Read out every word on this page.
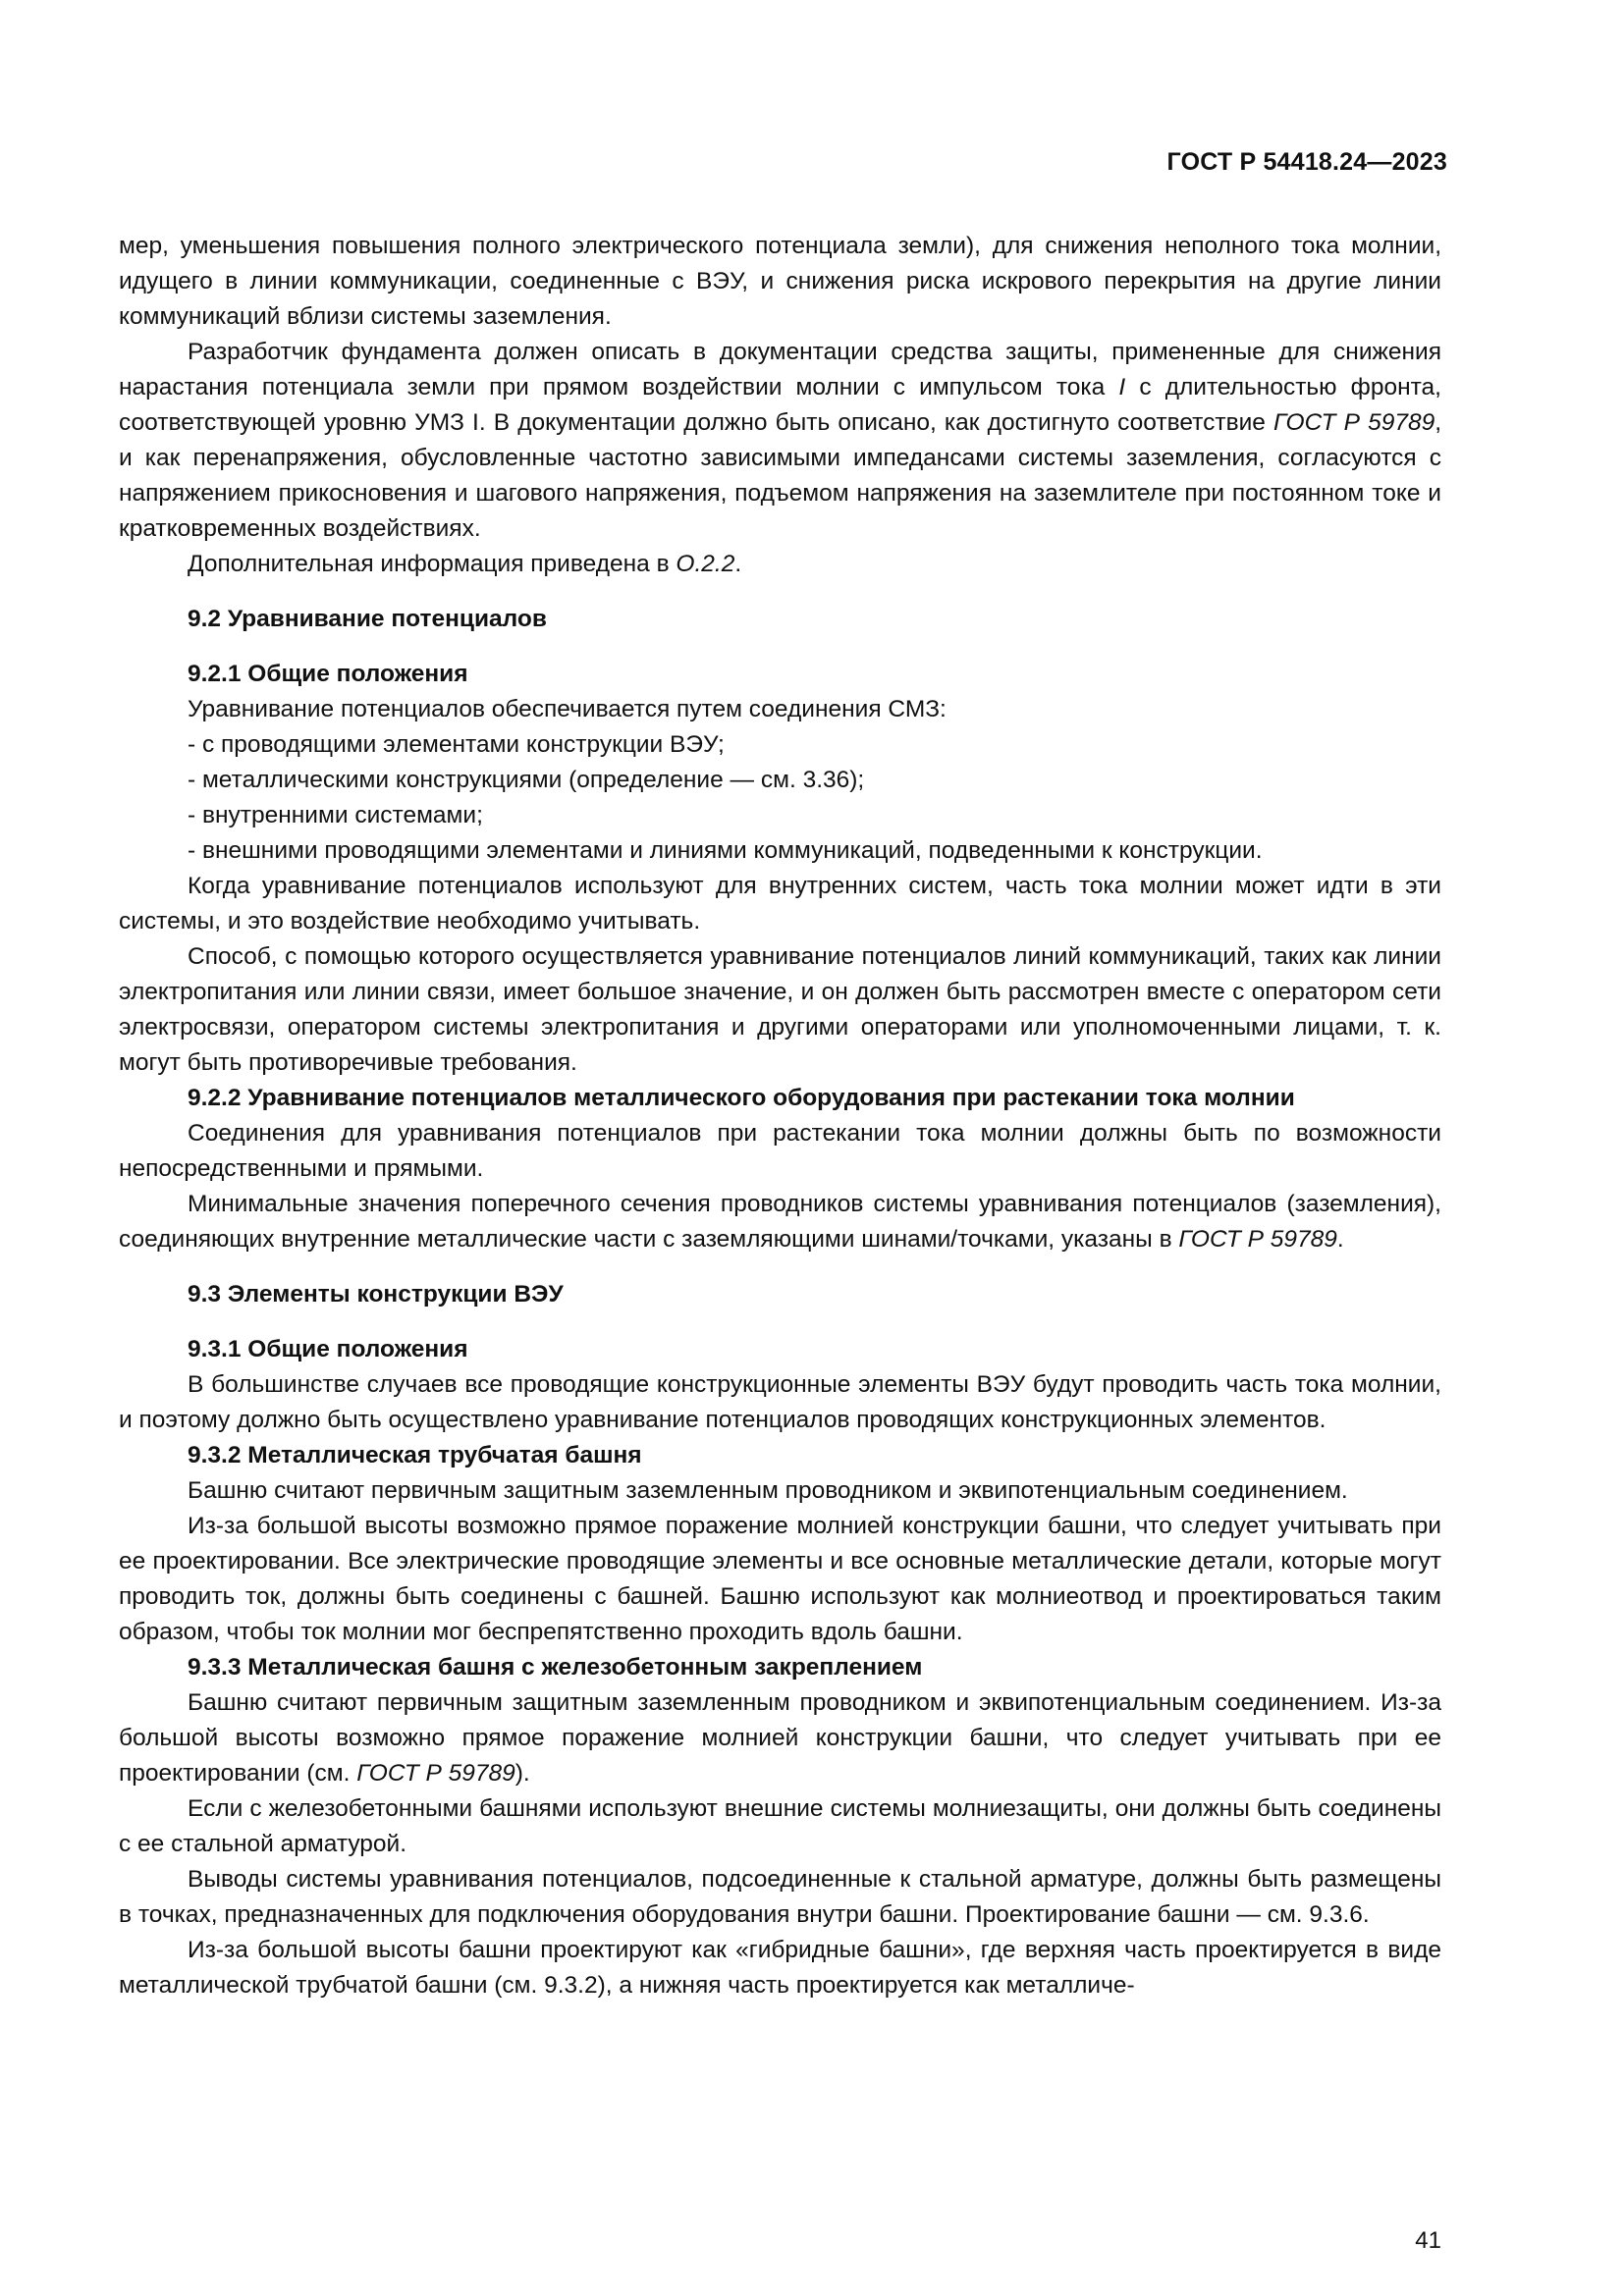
ГОСТ Р 54418.24—2023

мер, уменьшения повышения полного электрического потенциала земли), для снижения неполного тока молнии, идущего в линии коммуникации, соединенные с ВЭУ, и снижения риска искрового перекрытия на другие линии коммуникаций вблизи системы заземления.

Разработчик фундамента должен описать в документации средства защиты, примененные для снижения нарастания потенциала земли при прямом воздействии молнии с импульсом тока I с длительностью фронта, соответствующей уровню УМЗ I. В документации должно быть описано, как достигнуто соответствие ГОСТ Р 59789, и как перенапряжения, обусловленные частотно зависимыми импедансами системы заземления, согласуются с напряжением прикосновения и шагового напряжения, подъемом напряжения на заземлителе при постоянном токе и кратковременных воздействиях.

Дополнительная информация приведена в О.2.2.

9.2 Уравнивание потенциалов

9.2.1 Общие положения

Уравнивание потенциалов обеспечивается путем соединения СМЗ:

- с проводящими элементами конструкции ВЭУ;

- металлическими конструкциями (определение — см. 3.36);

- внутренними системами;

- внешними проводящими элементами и линиями коммуникаций, подведенными к конструкции.

Когда уравнивание потенциалов используют для внутренних систем, часть тока молнии может идти в эти системы, и это воздействие необходимо учитывать.

Способ, с помощью которого осуществляется уравнивание потенциалов линий коммуникаций, таких как линии электропитания или линии связи, имеет большое значение, и он должен быть рассмотрен вместе с оператором сети электросвязи, оператором системы электропитания и другими операторами или уполномоченными лицами, т. к. могут быть противоречивые требования.

9.2.2 Уравнивание потенциалов металлического оборудования при растекании тока молнии

Соединения для уравнивания потенциалов при растекании тока молнии должны быть по возможности непосредственными и прямыми.

Минимальные значения поперечного сечения проводников системы уравнивания потенциалов (заземления), соединяющих внутренние металлические части с заземляющими шинами/точками, указаны в ГОСТ Р 59789.

9.3 Элементы конструкции ВЭУ

9.3.1 Общие положения

В большинстве случаев все проводящие конструкционные элементы ВЭУ будут проводить часть тока молнии, и поэтому должно быть осуществлено уравнивание потенциалов проводящих конструкционных элементов.

9.3.2 Металлическая трубчатая башня

Башню считают первичным защитным заземленным проводником и эквипотенциальным соединением.

Из-за большой высоты возможно прямое поражение молнией конструкции башни, что следует учитывать при ее проектировании. Все электрические проводящие элементы и все основные металлические детали, которые могут проводить ток, должны быть соединены с башней. Башню используют как молниеотвод и проектироваться таким образом, чтобы ток молнии мог беспрепятственно проходить вдоль башни.

9.3.3 Металлическая башня с железобетонным закреплением

Башню считают первичным защитным заземленным проводником и эквипотенциальным соединением. Из-за большой высоты возможно прямое поражение молнией конструкции башни, что следует учитывать при ее проектировании (см. ГОСТ Р 59789).

Если с железобетонными башнями используют внешние системы молниезащиты, они должны быть соединены с ее стальной арматурой.

Выводы системы уравнивания потенциалов, подсоединенные к стальной арматуре, должны быть размещены в точках, предназначенных для подключения оборудования внутри башни. Проектирование башни — см. 9.3.6.

Из-за большой высоты башни проектируют как «гибридные башни», где верхняя часть проектируется в виде металлической трубчатой башни (см. 9.3.2), а нижняя часть проектируется как металличе-

41
